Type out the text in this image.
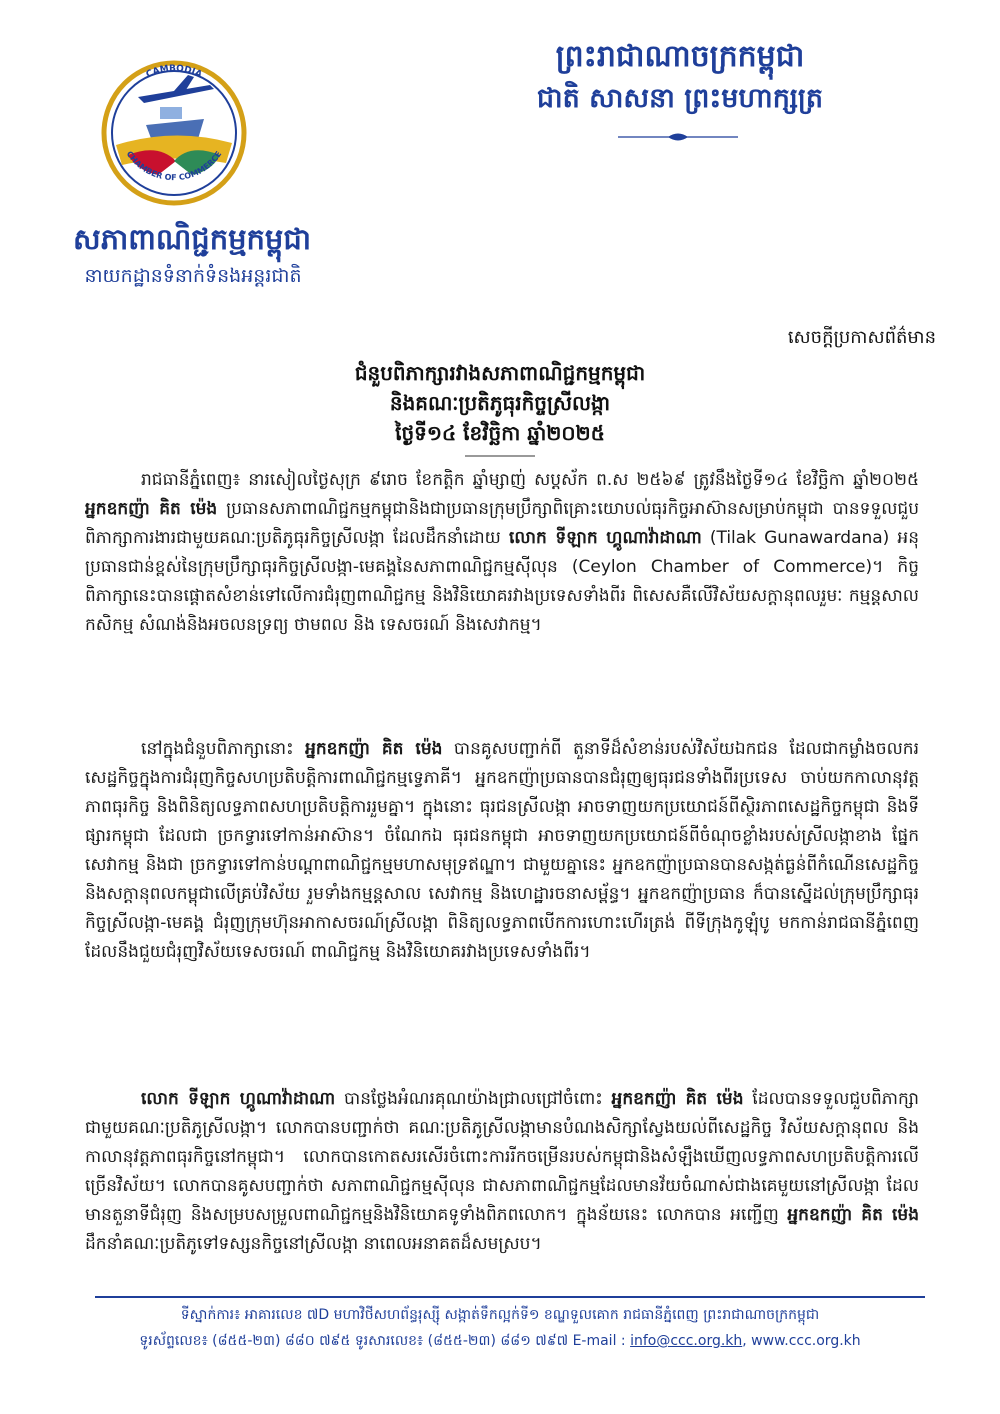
CAMBODIA
CHAMBER OF COMMERCE
ព្រះរាជាណាចក្រកម្ពុជា
ជាតិ សាសនា ព្រះមហាក្សត្រ
សភាពាណិជ្ជកម្មកម្ពុជា
នាយកដ្ឋានទំនាក់ទំនងអន្តរជាតិ
សេចក្តីប្រកាសព័ត៌មាន
ជំនួបពិភាក្សារវាងសភាពាណិជ្ជកម្មកម្ពុជា
និងគណៈប្រតិភូធុរកិច្ចស្រីលង្កា
ថ្ងៃទី១៤ ខែវិច្ឆិកា ឆ្នាំ២០២៥
រាជធានីភ្នំពេញ៖ នារសៀលថ្ងៃសុក្រ ៩រោច ខែកត្តិក ឆ្នាំម្សាញ់ សប្តស័ក ព.ស ២៥៦៩ ត្រូវនឹងថ្ងៃទី១៤ ខែវិច្ឆិកា ឆ្នាំ២០២៥ អ្នកឧកញ៉ា គិត ម៉េង ប្រធានសភាពាណិជ្ជកម្មកម្ពុជានិងជាប្រធានក្រុមប្រឹក្សាពិគ្រោះយោបល់ធុរកិច្ចអាស៊ានសម្រាប់កម្ពុជា បានទទួលជួបពិភាក្សាការងារជាមួយគណៈប្រតិភូធុរកិច្ចស្រីលង្កា ដែលដឹកនាំដោយ លោក ទីឡាក ហ្គូណាវ៉ាដាណា (Tilak Gunawardana) អនុប្រធានជាន់ខ្ពស់នៃក្រុមប្រឹក្សាធុរកិច្ចស្រីលង្កា-មេគង្គនៃសភាពាណិជ្ជកម្មស៊ីលុន (Ceylon Chamber of Commerce)។ កិច្ចពិភាក្សានេះបានផ្តោតសំខាន់ទៅលើការជំរុញពាណិជ្ជកម្ម និងវិនិយោគរវាងប្រទេសទាំងពីរ ពិសេសគឺលើវិស័យសក្តានុពលរួមៈ កម្មន្តសាល កសិកម្ម សំណង់និងអចលនទ្រព្យ ថាមពល និង ទេសចរណ៍ និងសេវាកម្ម។
នៅក្នុងជំនួបពិភាក្សានោះ អ្នកឧកញ៉ា គិត ម៉េង បានគូសបញ្ជាក់ពី តួនាទីដ៏សំខាន់របស់វិស័យឯកជន ដែលជាកម្លាំងចលករសេដ្ឋកិច្ចក្នុងការជំរុញកិច្ចសហប្រតិបត្តិការពាណិជ្ជកម្មទ្វេភាគី។ អ្នកឧកញ៉ាប្រធានបានជំរុញឲ្យធុរជនទាំងពីរប្រទេស ចាប់យកកាលានុវត្តភាពធុរកិច្ច និងពិនិត្យលទ្ធភាពសហប្រតិបត្តិការរួមគ្នា។ ក្នុងនោះ ធុរជនស្រីលង្កា អាចទាញយកប្រយោជន៍ពីស្ថិរភាពសេដ្ឋកិច្ចកម្ពុជា និងទីផ្សារកម្ពុជា ដែលជា ច្រកទ្វារទៅកាន់អាស៊ាន។ ចំណែកឯ ធុរជនកម្ពុជា អាចទាញយកប្រយោជន៍ពីចំណុចខ្លាំងរបស់ស្រីលង្កាខាង ផ្នែកសេវាកម្ម និងជា ច្រកទ្វារទៅកាន់បណ្តាពាណិជ្ជកម្មមហាសមុទ្រឥណ្ឌា។ ជាមួយគ្នានេះ អ្នកឧកញ៉ាប្រធានបានសង្កត់ធ្ងន់ពីកំណើនសេដ្ឋកិច្ច និងសក្តានុពលកម្ពុជាលើគ្រប់វិស័យ រួមទាំងកម្មន្តសាល សេវាកម្ម និងហេដ្ឋារចនាសម្ព័ន្ធ។ អ្នកឧកញ៉ាប្រធាន ក៏បានស្នើដល់ក្រុមប្រឹក្សាធុរកិច្ចស្រីលង្កា-មេគង្គ ជំរុញក្រុមហ៊ុនអាកាសចរណ៍ស្រីលង្កា ពិនិត្យលទ្ធភាពបើកការហោះហើរត្រង់ ពីទីក្រុងកូឡុំបូ មកកាន់រាជធានីភ្នំពេញ ដែលនឹងជួយជំរុញវិស័យទេសចរណ៍ ពាណិជ្ជកម្ម និងវិនិយោគរវាងប្រទេសទាំងពីរ។
លោក ទីឡាក ហ្គូណាវ៉ាដាណា បានថ្លែងអំណរគុណយ៉ាងជ្រាលជ្រៅចំពោះ អ្នកឧកញ៉ា គិត ម៉េង ដែលបានទទួលជួបពិភាក្សាជាមួយគណៈប្រតិភូស្រីលង្កា។ លោកបានបញ្ជាក់ថា គណៈប្រតិភូស្រីលង្កាមានបំណងសិក្សាស្វែងយល់ពីសេដ្ឋកិច្ច វិស័យសក្តានុពល និងកាលានុវត្តភាពធុរកិច្ចនៅកម្ពុជា។ លោកបានកោតសរសើរចំពោះការរីកចម្រើនរបស់កម្ពុជានិងសំឡឹងឃើញលទ្ធភាពសហប្រតិបត្តិការលើច្រើនវិស័យ។ លោកបានគូសបញ្ជាក់ថា សភាពាណិជ្ជកម្មស៊ីលុន ជាសភាពាណិជ្ជកម្មដែលមានវ័យចំណាស់ជាងគេមួយនៅស្រីលង្កា ដែលមានតួនាទីជំរុញ និងសម្របសម្រួលពាណិជ្ជកម្មនិងវិនិយោគទូទាំងពិភពលោក។ ក្នុងន័យនេះ លោកបាន អញ្ជើញ អ្នកឧកញ៉ា គិត ម៉េង ដឹកនាំគណៈប្រតិភូទៅទស្សនកិច្ចនៅស្រីលង្កា នាពេលអនាគតដ៏សមស្រប។
ទីស្នាក់ការ៖ អាគារលេខ ៧D មហាវិថីសហព័ន្ធរុស្ស៊ី សង្កាត់ទឹកល្អក់ទី១ ខណ្ឌទួលគោក រាជធានីភ្នំពេញ ព្រះរាជាណាចក្រកម្ពុជា
ទូរស័ព្ទលេខ៖ (៨៥៥-២៣) ៨៨០ ៧៩៥ ទូរសារលេខ៖ (៨៥៥-២៣) ៨៨១ ៧៩៧ E-mail : info@ccc.org.kh, www.ccc.org.kh
